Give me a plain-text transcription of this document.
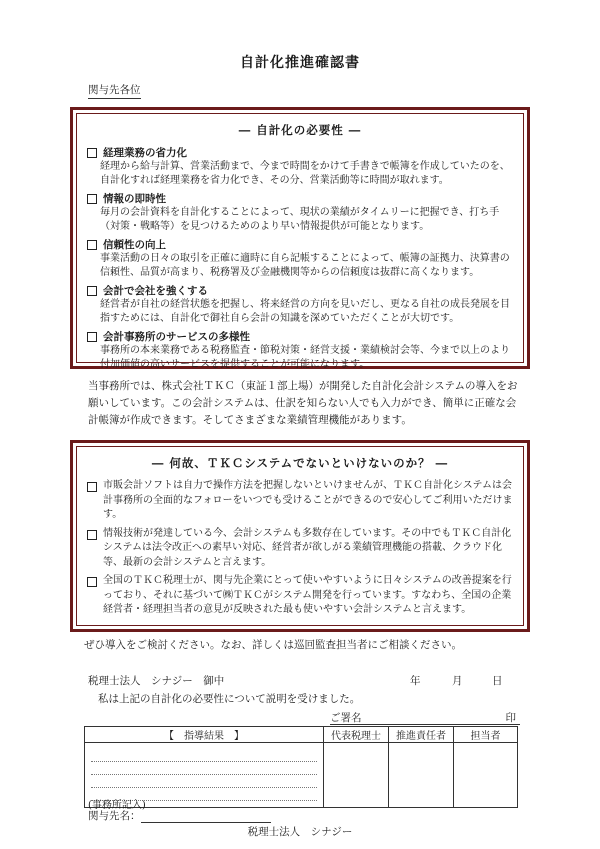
自計化推進確認書
関与先各位
― 自計化の必要性 ―
経理業務の省力化
経理から給与計算、営業活動まで、今まで時間をかけて手書きで帳簿を作成していたのを、自計化すれば経理業務を省力化でき、その分、営業活動等に時間が取れます。
情報の即時性
毎月の会計資料を自計化することによって、現状の業績がタイムリーに把握でき、打ち手（対策・戦略等）を見つけるためのより早い情報提供が可能となります。
信頼性の向上
事業活動の日々の取引を正確に適時に自ら記帳することによって、帳簿の証拠力、決算書の信頼性、品質が高まり、税務署及び金融機関等からの信頼度は抜群に高くなります。
会計で会社を強くする
経営者が自社の経営状態を把握し、将来経営の方向を見いだし、更なる自社の成長発展を目指すためには、自計化で御社自ら会計の知識を深めていただくことが大切です。
会計事務所のサービスの多様性
事務所の本来業務である税務監査・節税対策・経営支援・業績検討会等、今まで以上のより付加価値の高いサービスを提供することが可能になります。
当事務所では、株式会社ＴＫＣ（東証１部上場）が開発した自計化会計システムの導入をお願いしています。この会計システムは、仕訳を知らない人でも入力ができ、簡単に正確な会計帳簿が作成できます。そしてさまざまな業績管理機能があります。
― 何故、ＴＫＣシステムでないといけないのか？ ―
市販会計ソフトは自力で操作方法を把握しないといけませんが、ＴＫＣ自計化システムは会計事務所の全面的なフォローをいつでも受けることができるので安心してご利用いただけます。
情報技術が発達している今、会計システムも多数存在しています。その中でもＴＫＣ自計化システムは法令改正への素早い対応、経営者が欲しがる業績管理機能の搭載、クラウド化等、最新の会計システムと言えます。
全国のＴＫＣ税理士が、関与先企業にとって使いやすいように日々システムの改善提案を行っており、それに基づいて㈱ＴＫＣがシステム開発を行っています。すなわち、全国の企業経営者・経理担当者の意見が反映された最も使いやすい会計システムと言えます。
ぜひ導入をご検討ください。なお、詳しくは巡回監査担当者にご相談ください。
税理士法人　シナジー　御中	年	月	日
私は上記の自計化の必要性について説明を受けました。
ご署名	印
【　指導結果　】	代表税理士	推進責任者	担当者

(事務所記入)
関与先名：
税理士法人　シナジー
